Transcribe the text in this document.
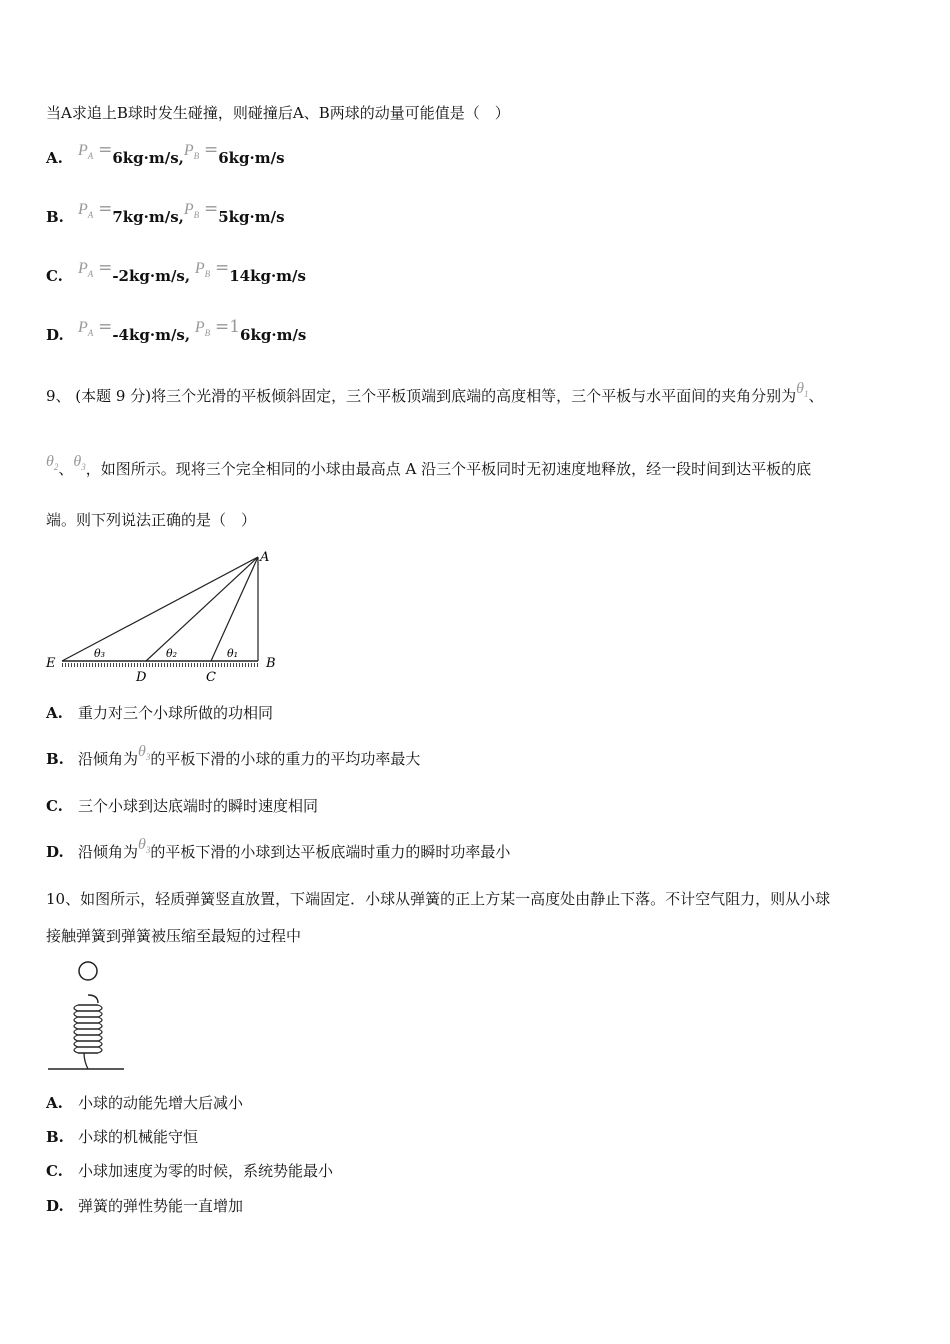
当A求追上B球时发生碰撞，则碰撞后A、B两球的动量可能值是（　）
A. $P_A =6kg\cdot m/s,P_B =6kg\cdot m/s$
B. $P_A =7kg\cdot m/s,P_B =5kg\cdot m/s$
C. $P_A =-2kg\cdot m/s$, $P_B =14kg\cdot m/s$
D. $P_A =-4kg\cdot m/s$, $P_B =16kg\cdot m/s$
9、 (本题 9 分)将三个光滑的平板倾斜固定，三个平板顶端到底端的高度相等，三个平板与水平面间的夹角分别为$\theta_1$、
$\theta_2$、$\theta_3$，如图所示。现将三个完全相同的小球由最高点 A 沿三个平板同时无初速度地释放，经一段时间到达平板的底
端。则下列说法正确的是（　）
A
B
C
D
E
θ₃	θ₂	θ₁
A. 重力对三个小球所做的功相同
B. 沿倾角为$\theta_3$的平板下滑的小球的重力的平均功率最大
C. 三个小球到达底端时的瞬时速度相同
D. 沿倾角为$\theta_3$的平板下滑的小球到达平板底端时重力的瞬时功率最小
10、如图所示，轻质弹簧竖直放置，下端固定．小球从弹簧的正上方某一高度处由静止下落。不计空气阻力，则从小球
接触弹簧到弹簧被压缩至最短的过程中
A. 小球的动能先增大后减小
B. 小球的机械能守恒
C. 小球加速度为零的时候，系统势能最小
D. 弹簧的弹性势能一直增加
